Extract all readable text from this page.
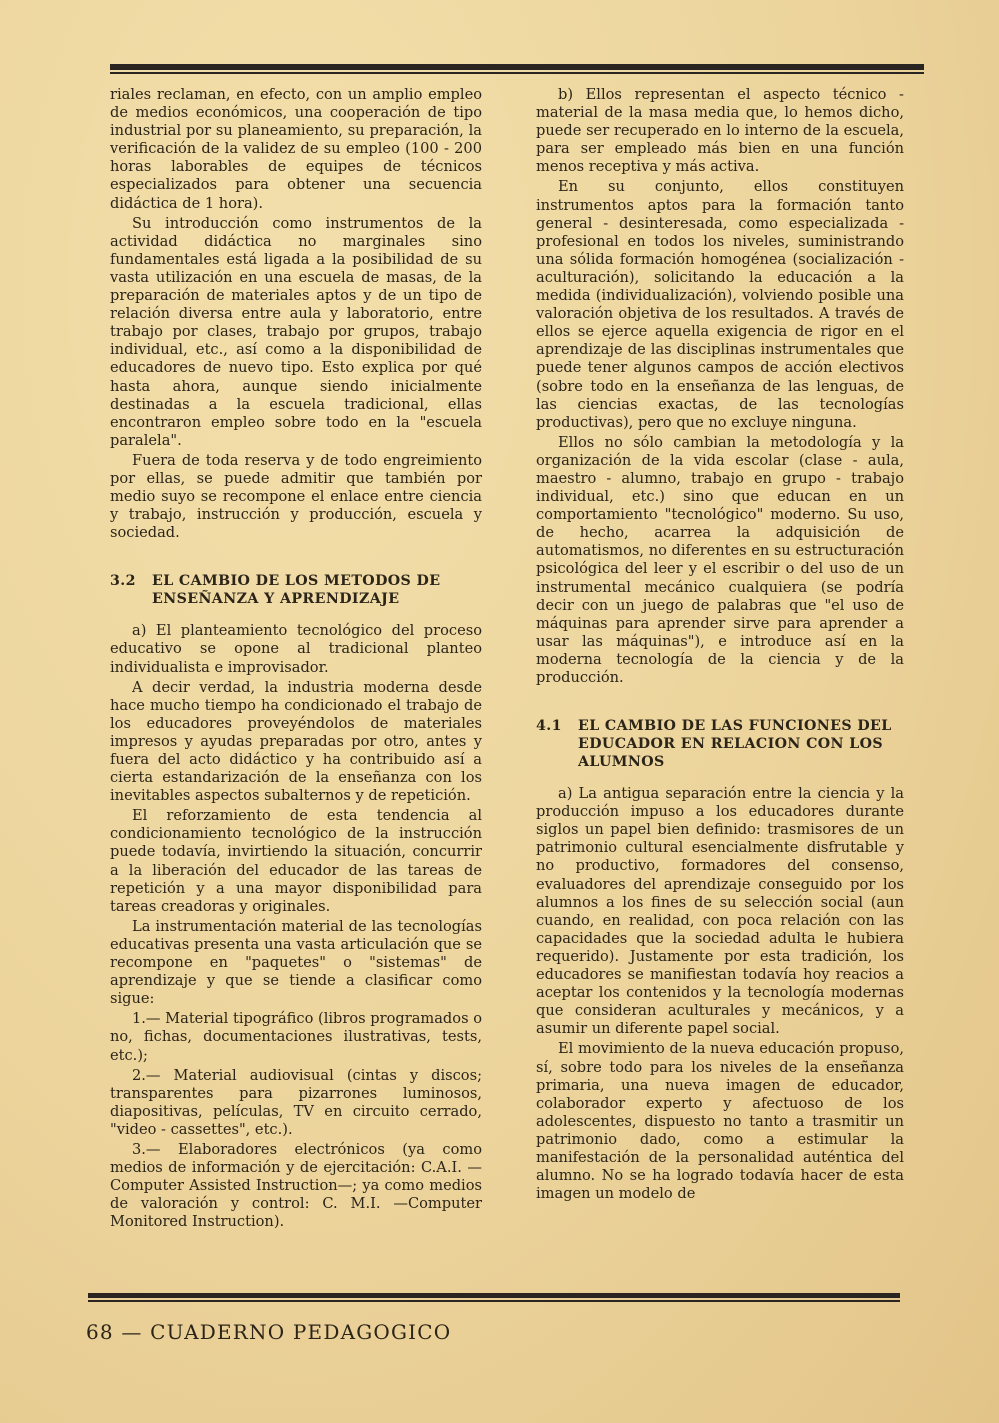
riales reclaman, en efecto, con un amplio empleo de medios económicos, una cooperación de tipo industrial por su planeamiento, su preparación, la verificación de la validez de su empleo (100 - 200 horas laborables de equipes de técnicos especializados para obtener una secuencia didáctica de 1 hora).

Su introducción como instrumentos de la actividad didáctica no marginales sino fundamentales está ligada a la posibilidad de su vasta utilización en una escuela de masas, de la preparación de materiales aptos y de un tipo de relación diversa entre aula y laboratorio, entre trabajo por clases, trabajo por grupos, trabajo individual, etc., así como a la disponibilidad de educadores de nuevo tipo. Esto explica por qué hasta ahora, aunque siendo inicialmente destinadas a la escuela tradicional, ellas encontraron empleo sobre todo en la "escuela paralela".

Fuera de toda reserva y de todo engreimiento por ellas, se puede admitir que también por medio suyo se recompone el enlace entre ciencia y trabajo, instrucción y producción, escuela y sociedad.

3.2	EL CAMBIO DE LOS METODOS DE ENSEÑANZA Y APRENDIZAJE

a) El planteamiento tecnológico del proceso educativo se opone al tradicional planteo individualista e improvisador.

A decir verdad, la industria moderna desde hace mucho tiempo ha condicionado el trabajo de los educadores proveyéndolos de materiales impresos y ayudas preparadas por otro, antes y fuera del acto didáctico y ha contribuido así a cierta estandarización de la enseñanza con los inevitables aspectos subalternos y de repetición.

El reforzamiento de esta tendencia al condicionamiento tecnológico de la instrucción puede todavía, invirtiendo la situación, concurrir a la liberación del educador de las tareas de repetición y a una mayor disponibilidad para tareas creadoras y originales.

La instrumentación material de las tecnologías educativas presenta una vasta articulación que se recompone en "paquetes" o "sistemas" de aprendizaje y que se tiende a clasificar como sigue:

1.— Material tipográfico (libros programados o no, fichas, documentaciones ilustrativas, tests, etc.);

2.— Material audiovisual (cintas y discos; transparentes para pizarrones luminosos, diapositivas, películas, TV en circuito cerrado, "video - cassettes", etc.).

3.— Elaboradores electrónicos (ya como medios de información y de ejercitación: C.A.I. —Computer Assisted Instruction—; ya como medios de valoración y control: C. M.I. —Computer Monitored Instruction).

b) Ellos representan el aspecto técnico - material de la masa media que, lo hemos dicho, puede ser recuperado en lo interno de la escuela, para ser empleado más bien en una función menos receptiva y más activa.

En su conjunto, ellos constituyen instrumentos aptos para la formación tanto general - desinteresada, como especializada - profesional en todos los niveles, suministrando una sólida formación homogénea (socialización - aculturación), solicitando la educación a la medida (individualización), volviendo posible una valoración objetiva de los resultados. A través de ellos se ejerce aquella exigencia de rigor en el aprendizaje de las disciplinas instrumentales que puede tener algunos campos de acción electivos (sobre todo en la enseñanza de las lenguas, de las ciencias exactas, de las tecnologías productivas), pero que no excluye ninguna.

Ellos no sólo cambian la metodología y la organización de la vida escolar (clase - aula, maestro - alumno, trabajo en grupo - trabajo individual, etc.) sino que educan en un comportamiento "tecnológico" moderno. Su uso, de hecho, acarrea la adquisición de automatismos, no diferentes en su estructuración psicológica del leer y el escribir o del uso de un instrumental mecánico cualquiera (se podría decir con un juego de palabras que "el uso de máquinas para aprender sirve para aprender a usar las máquinas"), e introduce así en la moderna tecnología de la ciencia y de la producción.

4.1	EL CAMBIO DE LAS FUNCIONES DEL EDUCADOR EN RELACION CON LOS ALUMNOS

a) La antigua separación entre la ciencia y la producción impuso a los educadores durante siglos un papel bien definido: trasmisores de un patrimonio cultural esencialmente disfrutable y no productivo, formadores del consenso, evaluadores del aprendizaje conseguido por los alumnos a los fines de su selección social (aun cuando, en realidad, con poca relación con las capacidades que la sociedad adulta le hubiera requerido). Justamente por esta tradición, los educadores se manifiestan todavía hoy reacios a aceptar los contenidos y la tecnología modernas que consideran aculturales y mecánicos, y a asumir un diferente papel social.

El movimiento de la nueva educación propuso, sí, sobre todo para los niveles de la enseñanza primaria, una nueva imagen de educador, colaborador experto y afectuoso de los adolescentes, dispuesto no tanto a trasmitir un patrimonio dado, como a estimular la manifestación de la personalidad auténtica del alumno. No se ha logrado todavía hacer de esta imagen un modelo de

68 — CUADERNO PEDAGOGICO
